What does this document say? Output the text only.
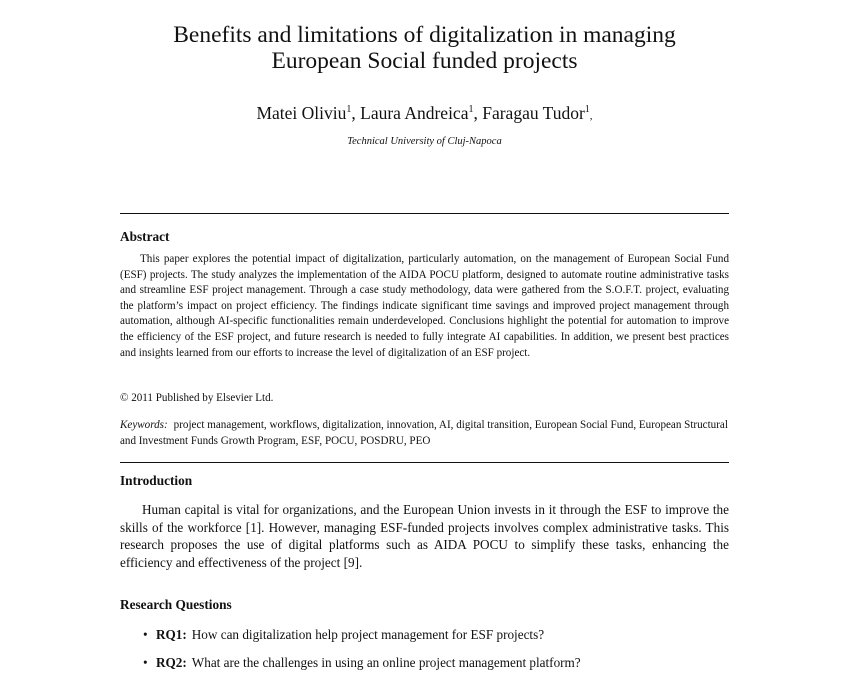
Benefits and limitations of digitalization in managing
European Social funded projects
Matei Oliviu$^1$, Laura Andreica$^1$, Faragau Tudor$^1$,
Technical University of Cluj-Napoca
Abstract

This paper explores the potential impact of digitalization, particularly automation, on the management of European Social Fund (ESF) projects. The study analyzes the implementation of the AIDA POCU platform, designed to automate routine administrative tasks and streamline ESF project management. Through a case study methodology, data were gathered from the S.O.F.T. project, evaluating the platform’s impact on project efficiency. The findings indicate significant time savings and improved project management through automation, although AI-specific functionalities remain underdeveloped. Conclusions highlight the potential for automation to improve the efficiency of the ESF project, and future research is needed to fully integrate AI capabilities. In addition, we present best practices and insights learned from our efforts to increase the level of digitalization of an ESF project.

© 2011 Published by Elsevier Ltd.
Keywords: project management, workflows, digitalization, innovation, AI, digital transition, European Social Fund, European Structural and Investment Funds Growth Program, ESF, POCU, POSDRU, PEO
Introduction

Human capital is vital for organizations, and the European Union invests in it through the ESF to improve the skills of the workforce [1]. However, managing ESF-funded projects involves complex administrative tasks. This research proposes the use of digital platforms such as AIDA POCU to simplify these tasks, enhancing the efficiency and effectiveness of the project [9].

Research Questions
• RQ1: How can digitalization help project management for ESF projects?
• RQ2: What are the challenges in using an online project management platform?
